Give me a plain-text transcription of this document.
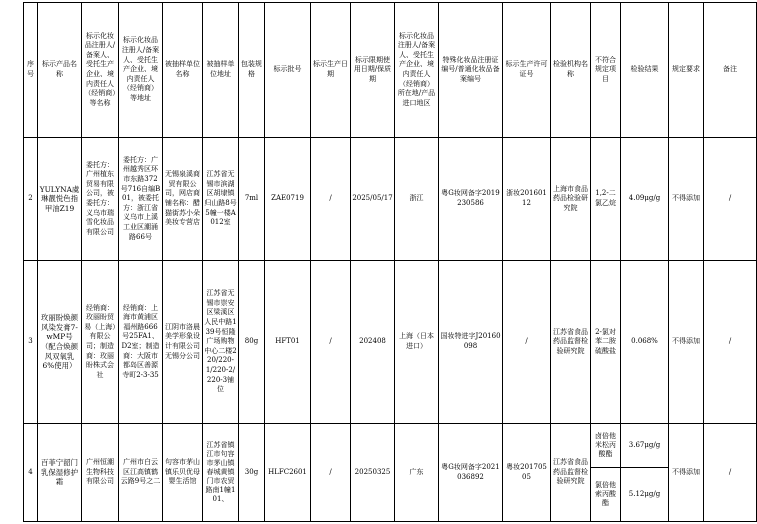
序号	标示产品名称	标示化妆品注册人/备案人、受托生产企业、境内责任人（经销商）等名称	标示化妆品注册人/备案人、受托生产企业、境内责任人（经销商）等地址	被抽样单位名称	被抽样单位地址	包装规格	标示批号	标示生产日期	标示限期使用日期/保质期	标示化妆品注册人/备案人、受托生产企业、境内责任人（经销商）所在地/产品进口地区	特殊化妆品注册证编号/普通化妆品备案编号	标示生产许可证号	检验机构名称	不符合规定项目	检验结果	规定要求	备注
2	YULYNA虞琳靓悦色指甲油Z19	委托方：广州植东贸易有限公司，被委托方：义乌市瑞雪化妆品有限公司	委托方：广州越秀区环市东路372号716自编B01，被委托方：浙江省义乌市上溪工业区潮涌路66号	无锡泉溪商贸有限公司，网店商铺名称：醋猫街苏小朵美妆专营店	江苏省无锡市滨湖区胡埭镇归山路8号5幢一楼A012室	7ml	ZAE0719	/	2025/05/17	浙江	粤G妆网备字2019230586	浙妆20160112	上海市食品药品检验研究院	1,2-二氯乙烷	4.09μg/g	不得添加	/
3	玫丽盼焕颜风染发膏7-wMP号（配合焕颜风双氧乳6%使用）	经销商：玫丽盼贸易（上海）有限公司；制造商：玫丽盼株式会社	经销商：上海市黄浦区福州路666号25FA1、D2室；制造商：大阪市都岛区善源寺町2-3-35	江阴市洛晨美学形象设计有限公司无锡分公司	江苏省无锡市崇安区梁溪区人民中路139号恒隆广场购物中心二楼220/220-1/220-2/220-3铺位	80g	HFT01	/	202408	上海（日本进口）	国妆特进字J20160098	/	江苏省食品药品监督检验研究院	2-氯对苯二胺硫酸盐	0.068%	不得添加	/
4	百菲宁韶门乳保湿修护霜	广州恒潮生物科技有限公司	广州市白云区江高镇鹤云路9号之二	句容市茅山镇乐贝优母婴生活馆	江苏省镇江市句容市茅山镇春城黄镇门市农贸路南1幢101、	30g	HLFC2601	/	20250325	广东	粤G妆网备字2021036892	粤妆20170505	江苏省食品药品监督检验研究院	卤倍他米松丙酸酯	3.67μg/g	不得添加	/
														氯倍他索丙酸酯	5.12μg/g		
